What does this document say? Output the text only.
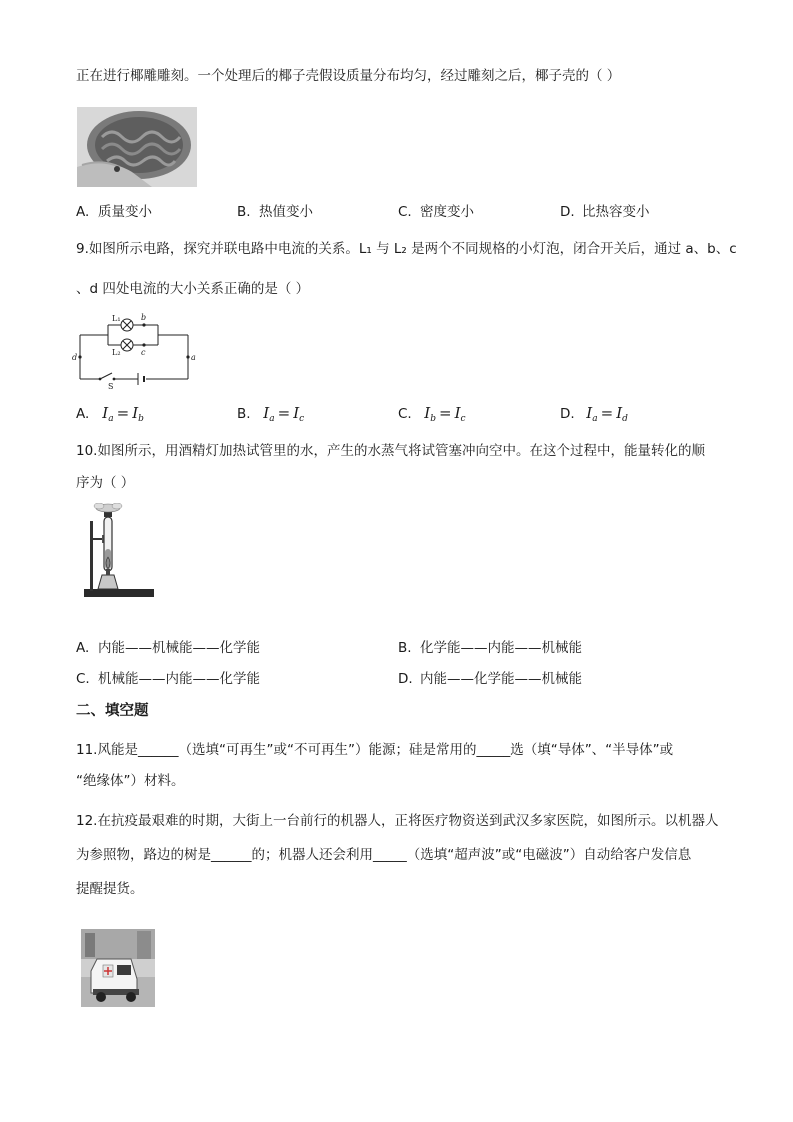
正在进行椰雕雕刻。一个处理后的椰子壳假设质量分布均匀，经过雕刻之后，椰子壳的（ ）
A. 质量变小	B. 热值变小	C. 密度变小	D. 比热容变小
9.如图所示电路，探究并联电路中电流的关系。L₁ 与 L₂ 是两个不同规格的小灯泡，闭合开关后，通过 a、b、c
、d 四处电流的大小关系正确的是（ ）
L₁
L₂
b
c
a
d
S
A. $I_a = I_b$	B. $I_a = I_c$	C. $I_b = I_c$	D. $I_a = I_d$
10.如图所示，用酒精灯加热试管里的水，产生的水蒸气将试管塞冲向空中。在这个过程中，能量转化的顺
序为（ ）
A. 内能——机械能——化学能	B. 化学能——内能——机械能
C. 机械能——内能——化学能	D. 内能——化学能——机械能
二、填空题
11.风能是______（选填“可再生”或“不可再生”）能源；硅是常用的_____选（填“导体”、“半导体”或
“绝缘体”）材料。
12.在抗疫最艰难的时期，大街上一台前行的机器人，正将医疗物资送到武汉多家医院，如图所示。以机器人
为参照物，路边的树是______的；机器人还会利用_____（选填“超声波”或“电磁波”）自动给客户发信息
提醒提货。
